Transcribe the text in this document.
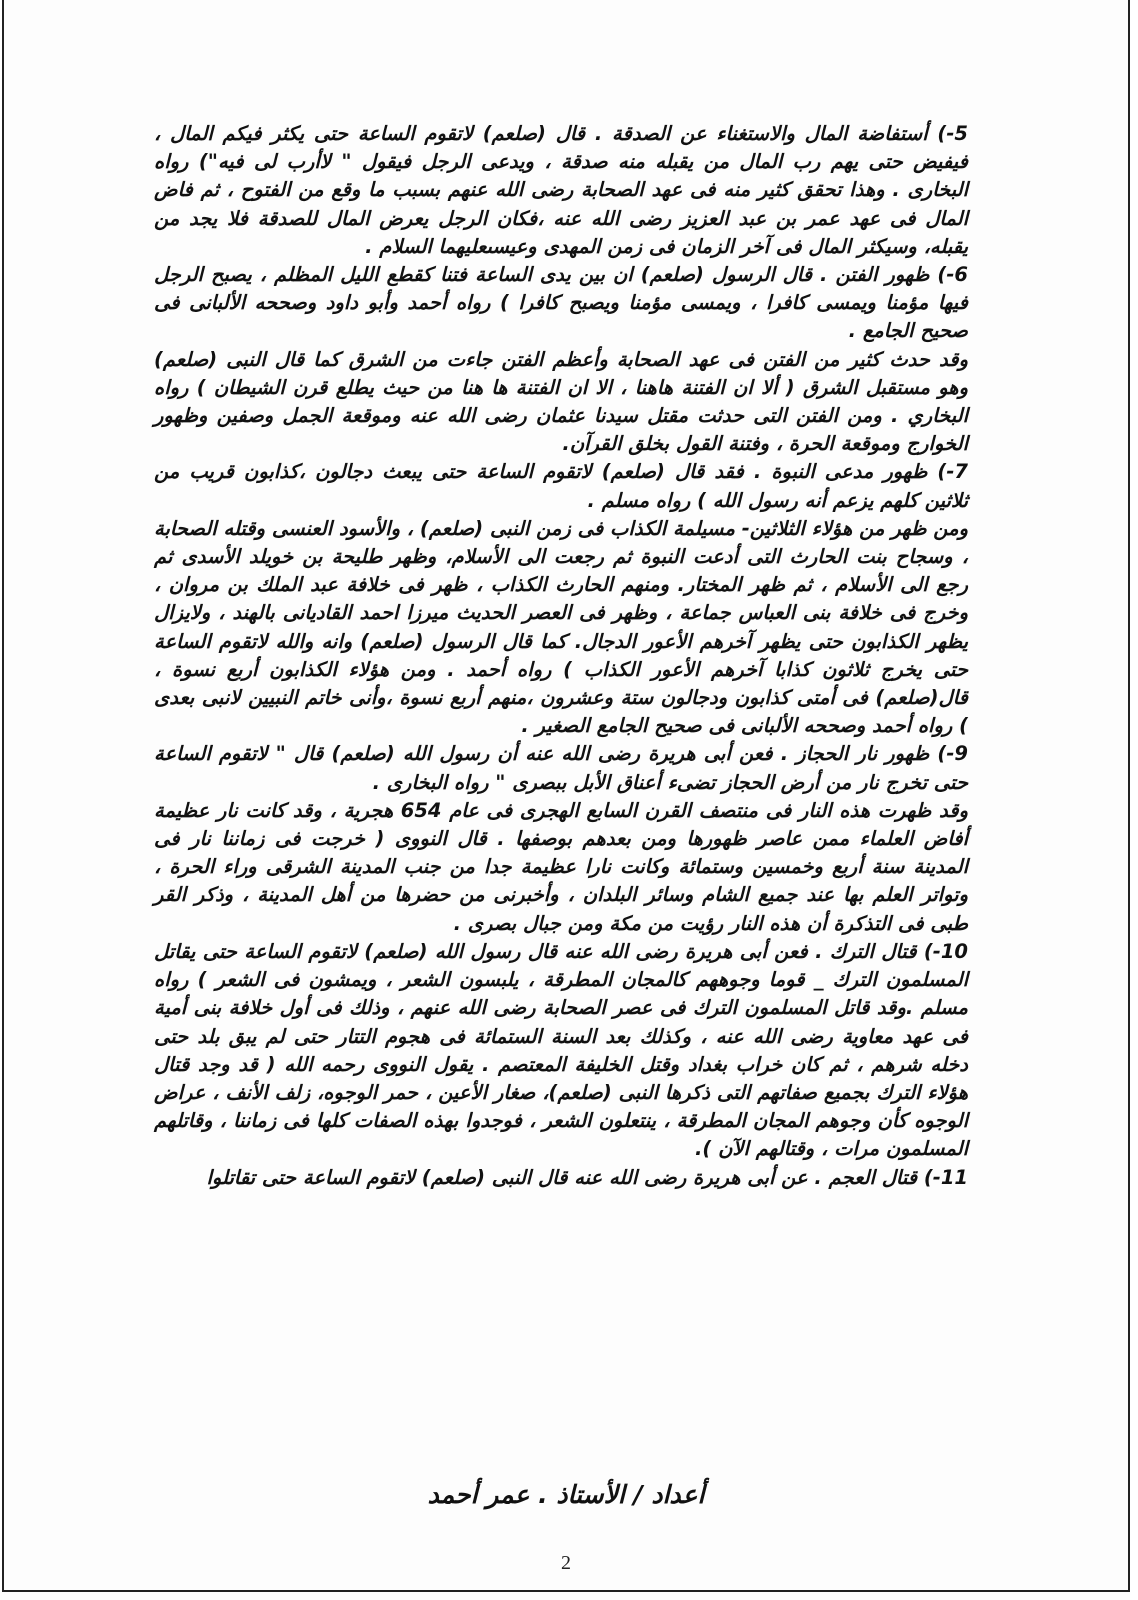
5-) أستفاضة المال والاستغناء عن الصدقة . قال (صلعم) لاتقوم الساعة حتى يكثر فيكم المال ، فيفيض حتى يهم رب المال من يقبله منه صدقة ، ويدعى الرجل فيقول " لاأرب لى فيه") رواه البخارى . وهذا تحقق كثير منه فى عهد الصحابة رضى الله عنهم بسبب ما وقع من الفتوح ، ثم فاض المال فى عهد عمر بن عبد العزيز رضى الله عنه ،فكان الرجل يعرض المال للصدقة فلا يجد من يقبله، وسيكثر المال فى آخر الزمان فى زمن المهدى وعيسىعليهما السلام .

6-) ظهور الفتن . قال الرسول (صلعم) ان بين يدى الساعة فتنا كقطع الليل المظلم ، يصبح الرجل فيها مؤمنا ويمسى كافرا ، ويمسى مؤمنا ويصبح كافرا ) رواه أحمد وأبو داود وصححه الألبانى فى صحيح الجامع .

وقد حدث كثير من الفتن فى عهد الصحابة وأعظم الفتن جاءت من الشرق كما قال النبى (صلعم) وهو مستقبل الشرق ( ألا ان الفتنة هاهنا ، الا ان الفتنة ها هنا من حيث يطلع قرن الشيطان ) رواه البخاري . ومن الفتن التى حدثت مقتل سيدنا عثمان رضى الله عنه وموقعة الجمل وصفين وظهور الخوارج وموقعة الحرة ، وفتنة القول بخلق القرآن.

7-) ظهور مدعى النبوة . فقد قال (صلعم) لاتقوم الساعة حتى يبعث دجالون ،كذابون قريب من ثلاثين كلهم يزعم أنه رسول الله ) رواه مسلم .

ومن ظهر من هؤلاء الثلاثين- مسيلمة الكذاب فى زمن النبى (صلعم) ، والأسود العنسى وقتله الصحابة ، وسجاح بنت الحارث التى أدعت النبوة ثم رجعت الى الأسلام، وظهر طليحة بن خويلد الأسدى ثم رجع الى الأسلام ، ثم ظهر المختار. ومنهم الحارث الكذاب ، ظهر فى خلافة عبد الملك بن مروان ، وخرج فى خلافة بنى العباس جماعة ، وظهر فى العصر الحديث ميرزا احمد القاديانى بالهند ، ولايزال يظهر الكذابون حتى يظهر آخرهم الأعور الدجال. كما قال الرسول (صلعم) وانه والله لاتقوم الساعة حتى يخرج ثلاثون كذابا آخرهم الأعور الكذاب ) رواه أحمد . ومن هؤلاء الكذابون أربع نسوة ، قال(صلعم) فى أمتى كذابون ودجالون ستة وعشرون ،منهم أربع نسوة ،وأنى خاتم النبيين لانبى بعدى ) رواه أحمد وصححه الألبانى فى صحيح الجامع الصغير .

9-) ظهور نار الحجاز . فعن أبى هريرة رضى الله عنه أن رسول الله (صلعم) قال " لاتقوم الساعة حتى تخرج نار من أرض الحجاز تضىء أعناق الأبل ببصرى " رواه البخارى .

وقد ظهرت هذه النار فى منتصف القرن السابع الهجرى فى عام 654 هجرية ، وقد كانت نار عظيمة أفاض العلماء ممن عاصر ظهورها ومن بعدهم بوصفها . قال النووى ( خرجت فى زماننا نار فى المدينة سنة أربع وخمسين وستمائة وكانت نارا عظيمة جدا من جنب المدينة الشرقى وراء الحرة ، وتواتر العلم بها عند جميع الشام وسائر البلدان ، وأخبرنى من حضرها من أهل المدينة ، وذكر القر طبى فى التذكرة أن هذه النار رؤيت من مكة ومن جبال بصرى .

10-) قتال الترك . فعن أبى هريرة رضى الله عنه قال رسول الله (صلعم) لاتقوم الساعة حتى يقاتل المسلمون الترك _ قوما وجوههم كالمجان المطرقة ، يلبسون الشعر ، ويمشون فى الشعر ) رواه مسلم .وقد قاتل المسلمون الترك فى عصر الصحابة رضى الله عنهم ، وذلك فى أول خلافة بنى أمية فى عهد معاوية رضى الله عنه ، وكذلك بعد السنة الستمائة فى هجوم التتار حتى لم يبق بلد حتى دخله شرهم ، ثم كان خراب بغداد وقتل الخليفة المعتصم . يقول النووى رحمه الله ( قد وجد قتال هؤلاء الترك بجميع صفاتهم التى ذكرها النبى (صلعم)، صغار الأعين ، حمر الوجوه، زلف الأنف ، عراض الوجوه كأن وجوهم المجان المطرقة ، ينتعلون الشعر ، فوجدوا بهذه الصفات كلها فى زماننا ، وقاتلهم المسلمون مرات ، وقتالهم الآن ).

11-) قتال العجم . عن أبى هريرة رضى الله عنه قال النبى (صلعم) لاتقوم الساعة حتى تقاتلوا

أعداد / الأستاذ . عمر أحمد
2
